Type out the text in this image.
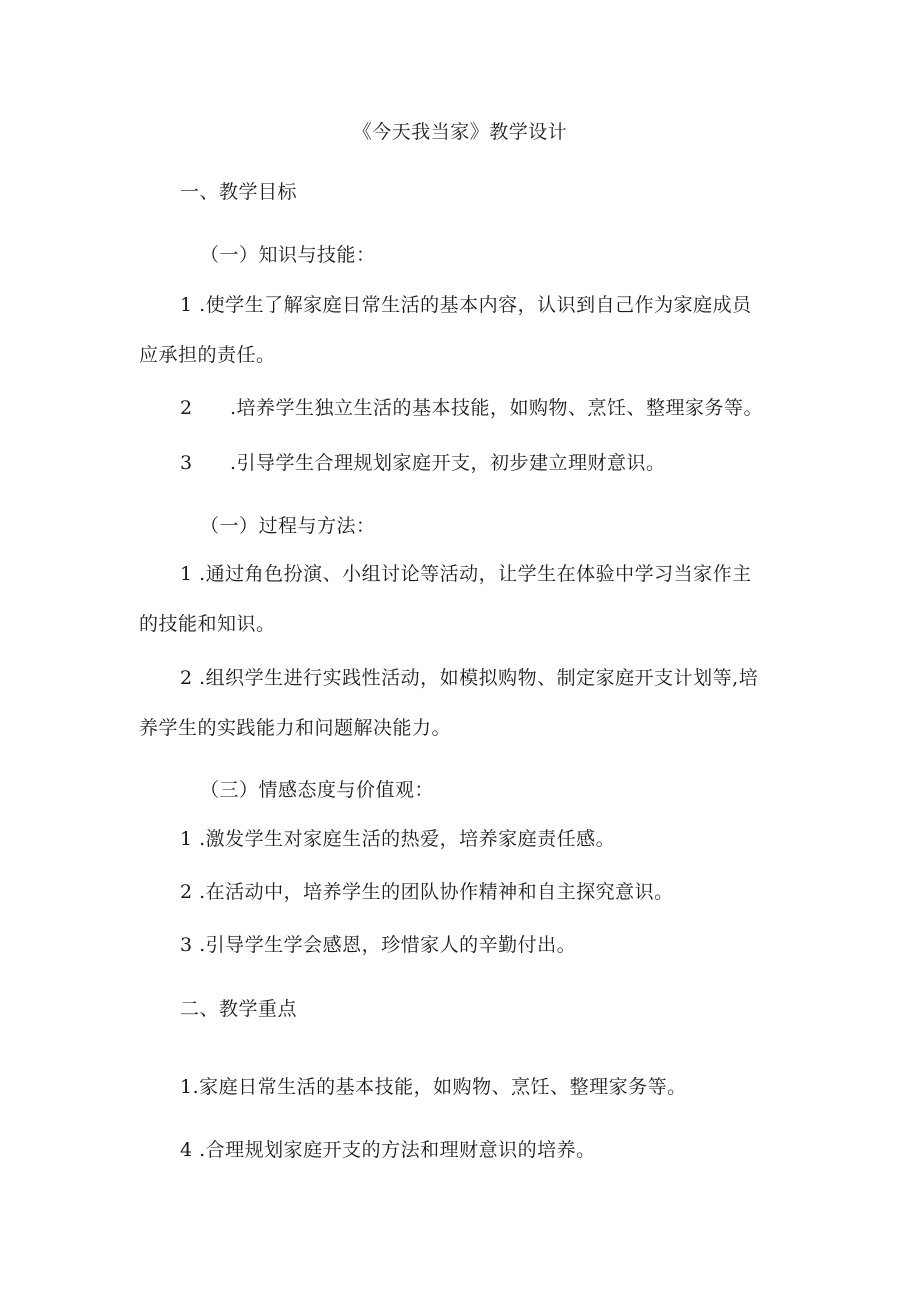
《今天我当家》教学设计
一、教学目标
（一）知识与技能：
1 .使学生了解家庭日常生活的基本内容，认识到自己作为家庭成员
应承担的责任。
2 .培养学生独立生活的基本技能，如购物、烹饪、整理家务等。
3 .引导学生合理规划家庭开支，初步建立理财意识。
（一）过程与方法：
1 .通过角色扮演、小组讨论等活动，让学生在体验中学习当家作主
的技能和知识。
2 .组织学生进行实践性活动，如模拟购物、制定家庭开支计划等,培
养学生的实践能力和问题解决能力。
（三）情感态度与价值观：
1 .激发学生对家庭生活的热爱，培养家庭责任感。
2 .在活动中，培养学生的团队协作精神和自主探究意识。
3 .引导学生学会感恩，珍惜家人的辛勤付出。
二、教学重点
1.家庭日常生活的基本技能，如购物、烹饪、整理家务等。
4 .合理规划家庭开支的方法和理财意识的培养。
